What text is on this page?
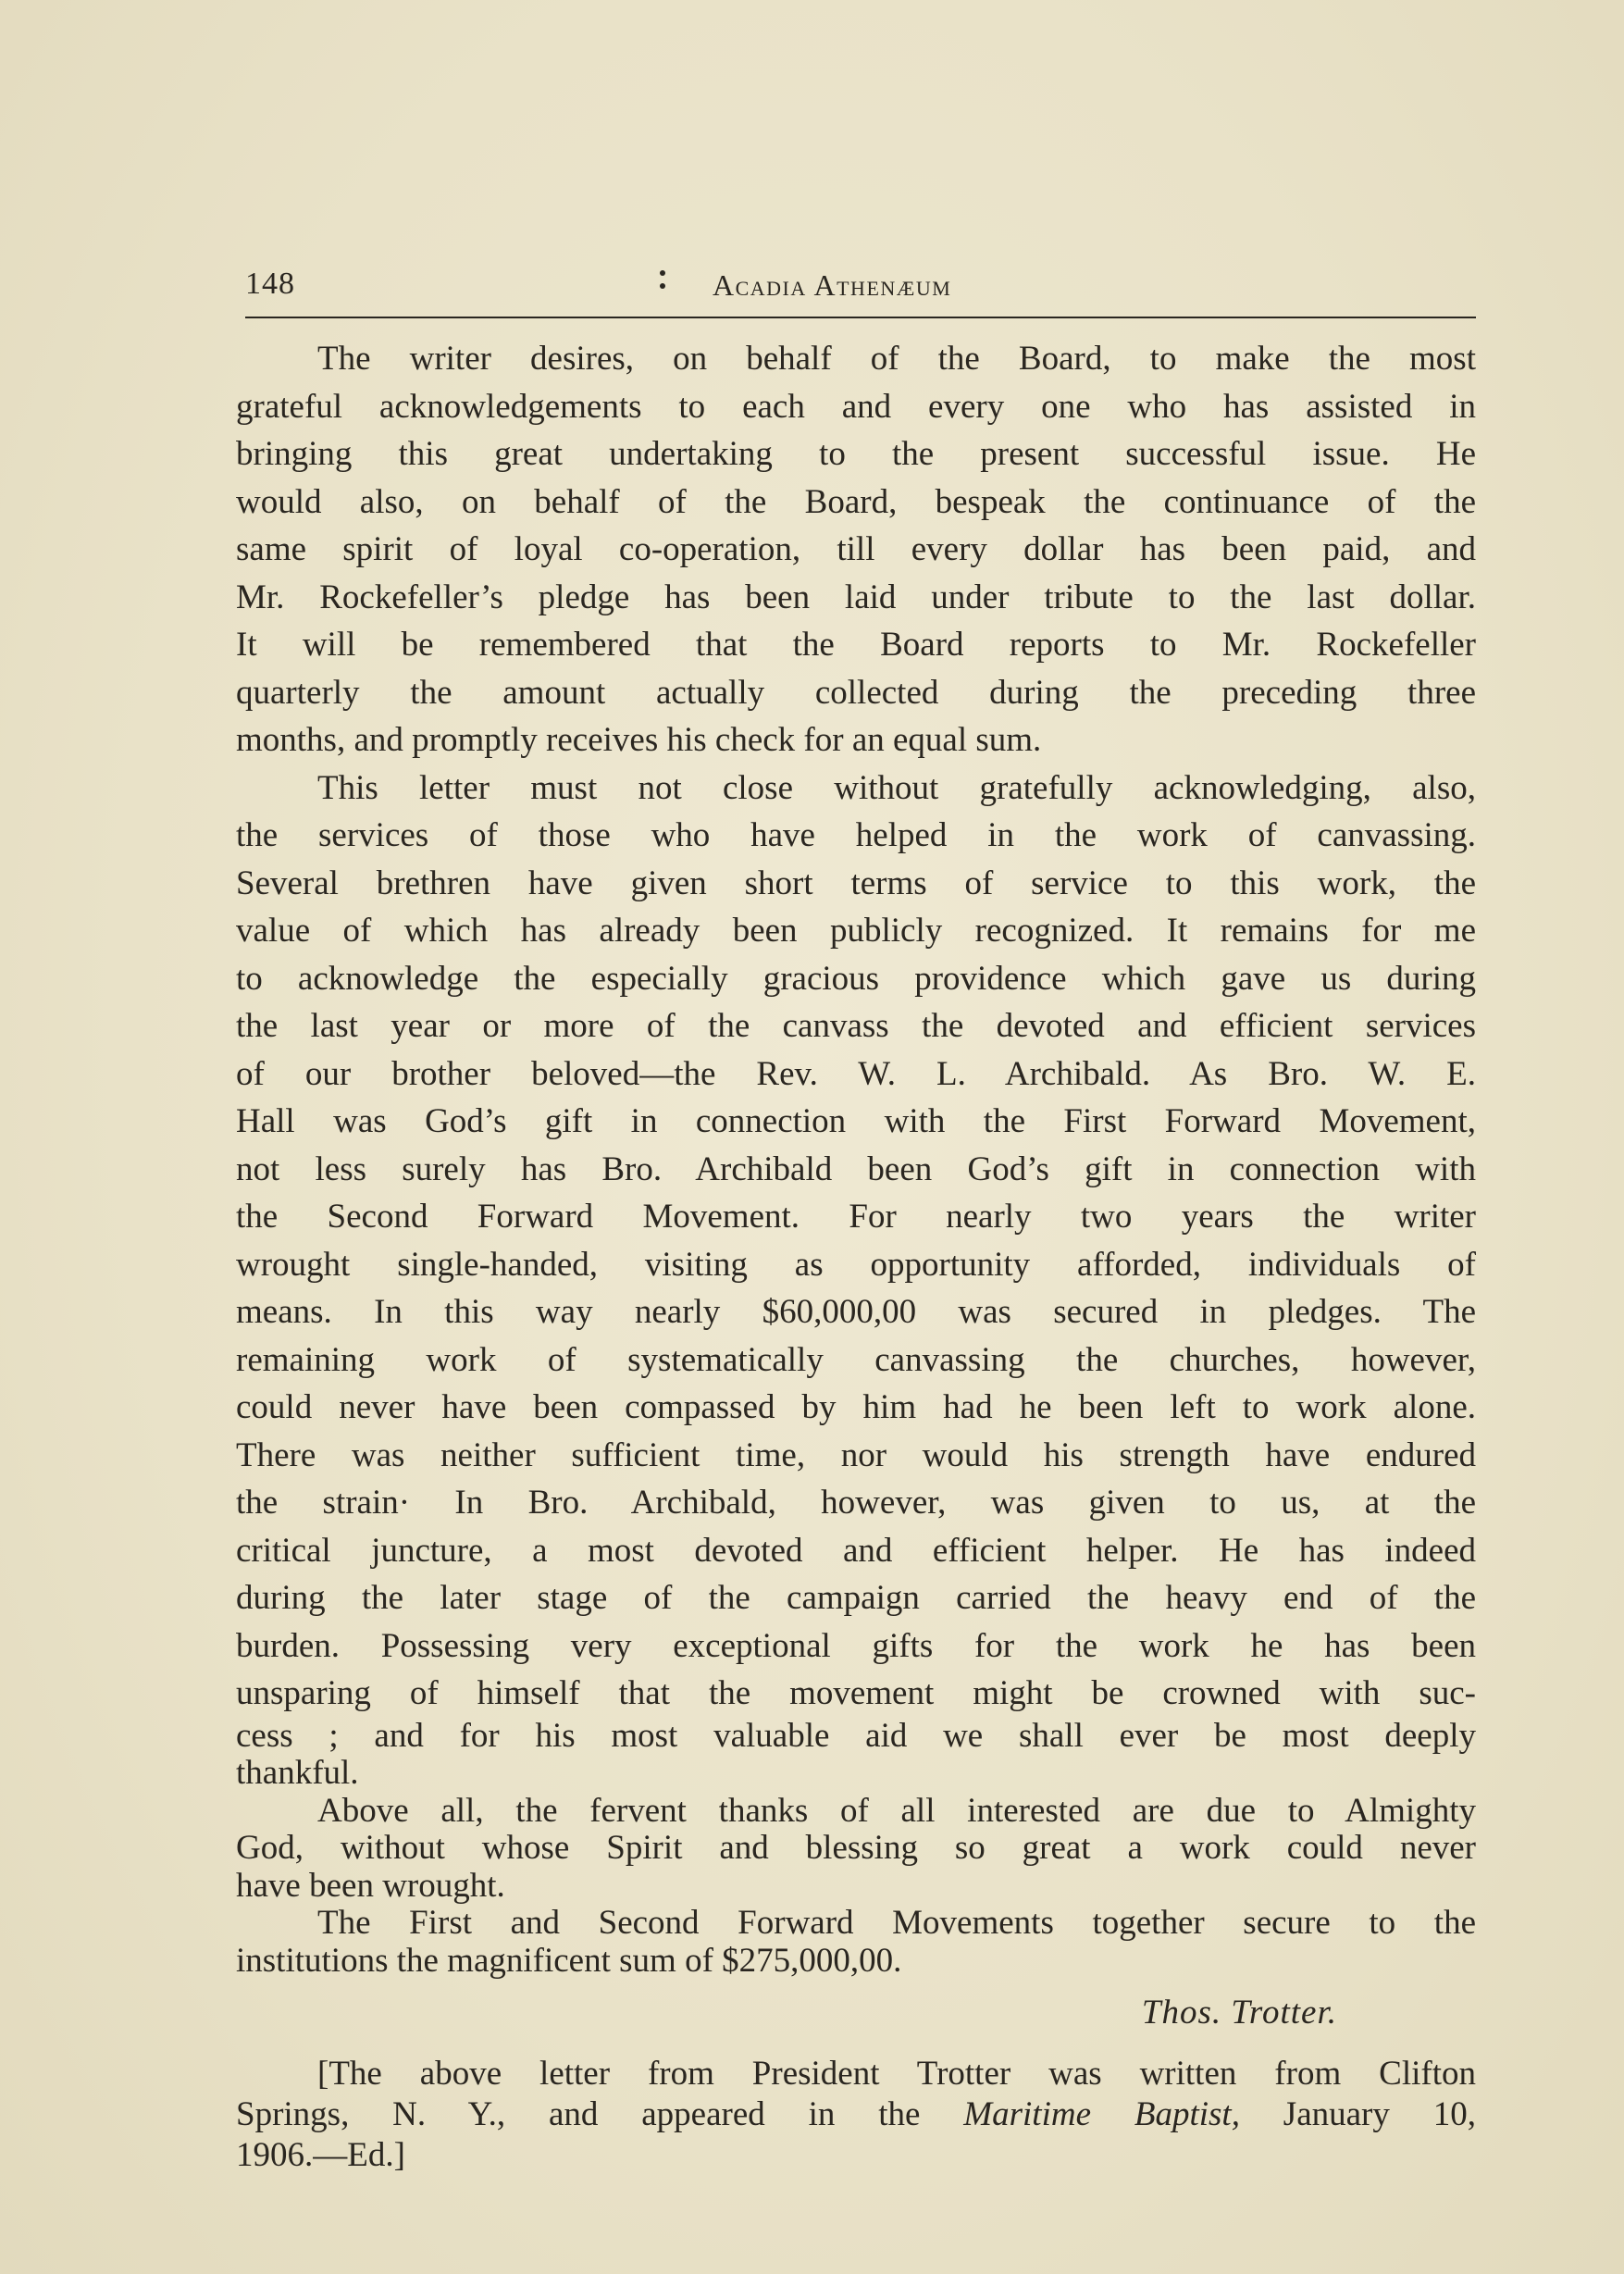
148	Acadia Athenæum
The writer desires, on behalf of the Board, to make the most
grateful acknowledgements to each and every one who has assisted in
bringing this great undertaking to the present successful issue. He
would also, on behalf of the Board, bespeak the continuance of the
same spirit of loyal co-operation, till every dollar has been paid, and
Mr. Rockefeller’s pledge has been laid under tribute to the last dollar.
It will be remembered that the Board reports to Mr. Rockefeller
quarterly the amount actually collected during the preceding three
months, and promptly receives his check for an equal sum.
This letter must not close without gratefully acknowledging, also,
the services of those who have helped in the work of canvassing.
Several brethren have given short terms of service to this work, the
value of which has already been publicly recognized. It remains for me
to acknowledge the especially gracious providence which gave us during
the last year or more of the canvass the devoted and efficient services
of our brother beloved—the Rev. W. L. Archibald. As Bro. W. E.
Hall was God’s gift in connection with the First Forward Movement,
not less surely has Bro. Archibald been God’s gift in connection with
the Second Forward Movement. For nearly two years the writer
wrought single-handed, visiting as opportunity afforded, individuals of
means. In this way nearly $60,000,00 was secured in pledges. The
remaining work of systematically canvassing the churches, however,
could never have been compassed by him had he been left to work alone.
There was neither sufficient time, nor would his strength have endured
the strain· In Bro. Archibald, however, was given to us, at the
critical juncture, a most devoted and efficient helper. He has indeed
during the later stage of the campaign carried the heavy end of the
burden. Possessing very exceptional gifts for the work he has been
unsparing of himself that the movement might be crowned with suc-
cess ; and for his most valuable aid we shall ever be most deeply
thankful.
Above all, the fervent thanks of all interested are due to Almighty
God, without whose Spirit and blessing so great a work could never
have been wrought.
The First and Second Forward Movements together secure to the
institutions the magnificent sum of $275,000,00.
Thos. Trotter.
[The above letter from President Trotter was written from Clifton
Springs, N. Y., and appeared in the Maritime Baptist, January 10,
1906.—Ed.]
